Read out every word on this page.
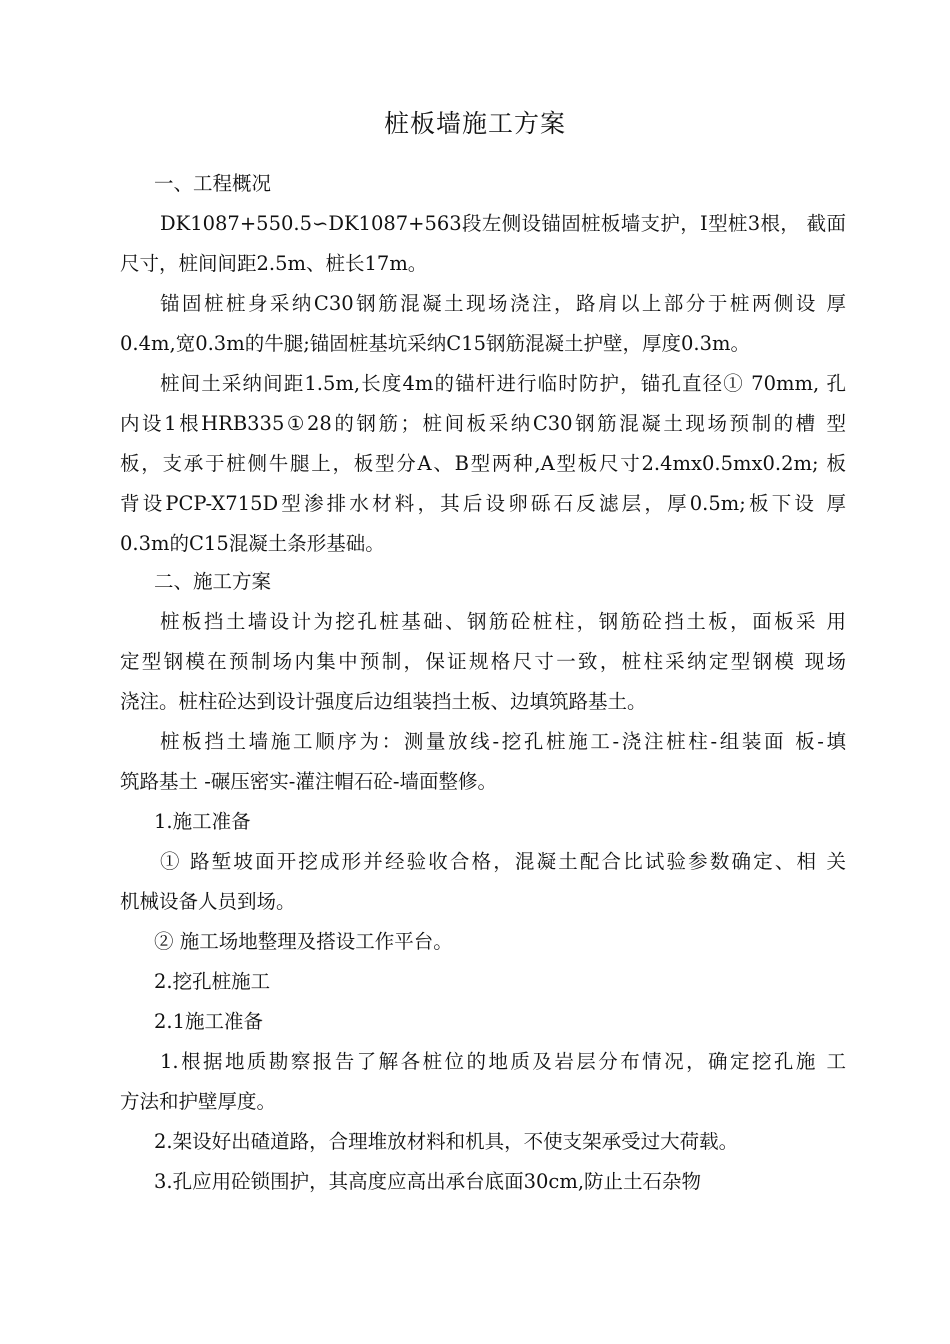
桩板墙施工方案
一、工程概况
DK1087+550.5∽DK1087+563段左侧设锚固桩板墙支护，I型桩3根， 截面
尺寸，桩间间距2.5m、桩长17m。
锚固桩桩身采纳C30钢筋混凝土现场浇注，路肩以上部分于桩两侧设 厚
0.4m,宽0.3m的牛腿;锚固桩基坑采纳C15钢筋混凝土护壁，厚度0.3m。
桩间土采纳间距1.5m,长度4m的锚杆进行临时防护，锚孔直径① 70mm, 孔
内设1根HRB335①28的钢筋；桩间板采纳C30钢筋混凝土现场预制的槽 型
板，支承于桩侧牛腿上，板型分A、B型两种,A型板尺寸2.4mx0.5mx0.2m; 板
背设PCP-X715D型渗排水材料，其后设卵砾石反滤层，厚0.5m;板下设 厚
0.3m的C15混凝土条形基础。
二、施工方案
桩板挡土墙设计为挖孔桩基础、钢筋砼桩柱，钢筋砼挡土板，面板采 用
定型钢模在预制场内集中预制，保证规格尺寸一致，桩柱采纳定型钢模 现场
浇注。桩柱砼达到设计强度后边组装挡土板、边填筑路基土。
桩板挡土墙施工顺序为：测量放线-挖孔桩施工-浇注桩柱-组装面 板-填
筑路基土 -碾压密实-灌注帽石砼-墙面整修。
1.施工准备
① 路堑坡面开挖成形并经验收合格，混凝土配合比试验参数确定、相 关
机械设备人员到场。
② 施工场地整理及搭设工作平台。
2.挖孔桩施工
2.1施工准备
1.根据地质勘察报告了解各桩位的地质及岩层分布情况，确定挖孔施 工
方法和护壁厚度。
2.架设好出碴道路，合理堆放材料和机具，不使支架承受过大荷载。
3.孔应用砼锁围护，其高度应高出承台底面30cm,防止土石杂物
